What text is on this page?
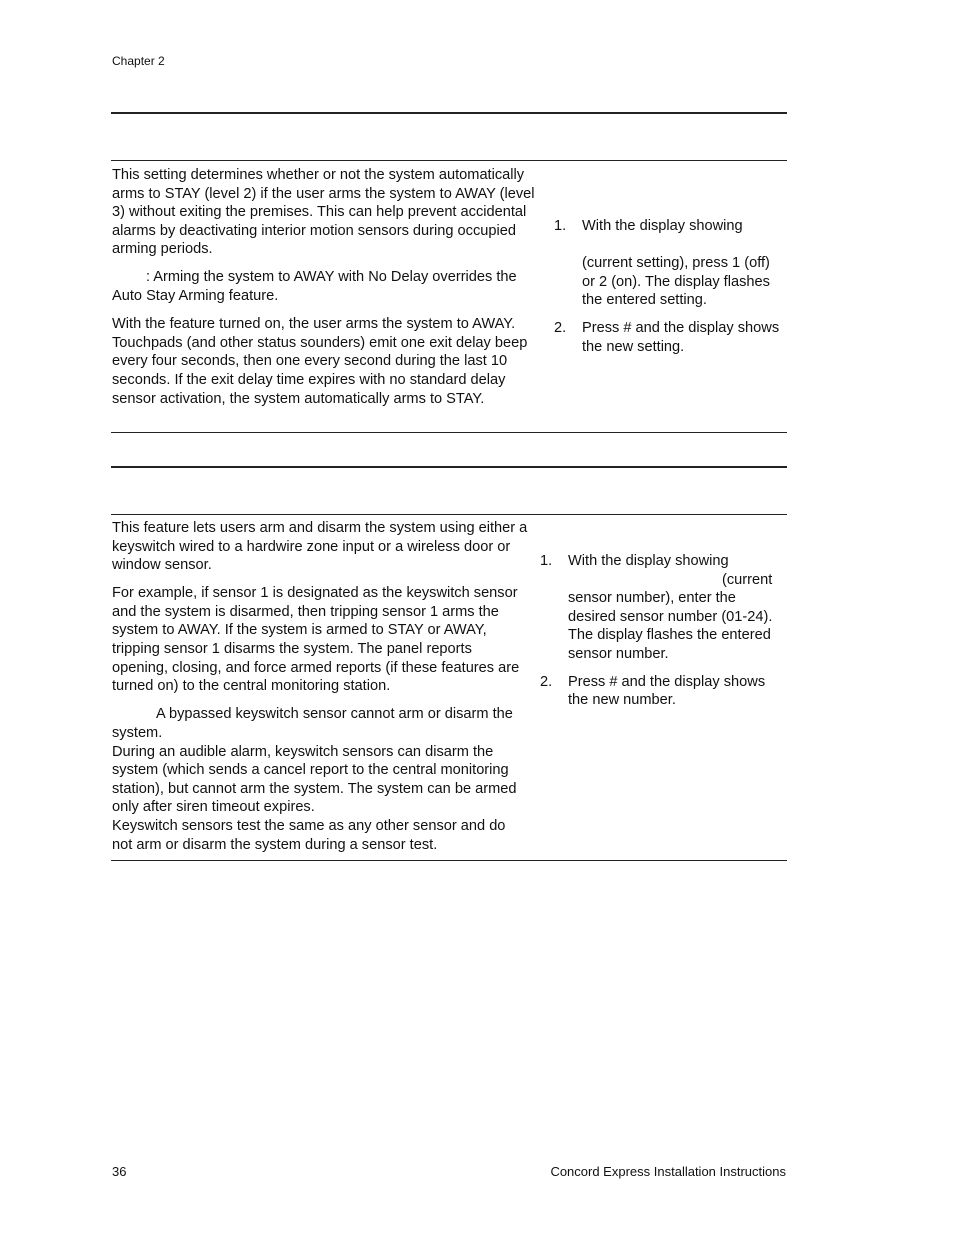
Chapter 2

This setting determines whether or not the system automatically arms to STAY (level 2) if the user arms the system to AWAY (level 3) without exiting the premises. This can help prevent accidental alarms by deactivating interior motion sensors during occupied arming periods.

: Arming the system to AWAY with No Delay overrides the Auto Stay Arming feature.

With the feature turned on, the user arms the system to AWAY. Touchpads (and other status sounders) emit one exit delay beep every four seconds, then one every second during the last 10 seconds. If the exit delay time expires with no standard delay sensor activation, the system automatically arms to STAY.

1. With the display showing
(current setting), press 1 (off) or 2 (on). The display flashes the entered setting.
2. Press # and the display shows the new setting.

This feature lets users arm and disarm the system using either a keyswitch wired to a hardwire zone input or a wireless door or window sensor.

For example, if sensor 1 is designated as the keyswitch sensor and the system is disarmed, then tripping sensor 1 arms the system to AWAY. If the system is armed to STAY or AWAY, tripping sensor 1 disarms the system. The panel reports opening, closing, and force armed reports (if these features are turned on) to the central monitoring station.

A bypassed keyswitch sensor cannot arm or disarm the system.

During an audible alarm, keyswitch sensors can disarm the system (which sends a cancel report to the central monitoring station), but cannot arm the system. The system can be armed only after siren timeout expires.

Keyswitch sensors test the same as any other sensor and do not arm or disarm the system during a sensor test.

1. With the display showing
(current sensor number), enter the desired sensor number (01-24). The display flashes the entered sensor number.
2. Press # and the display shows the new number.
36	Concord Express Installation Instructions
